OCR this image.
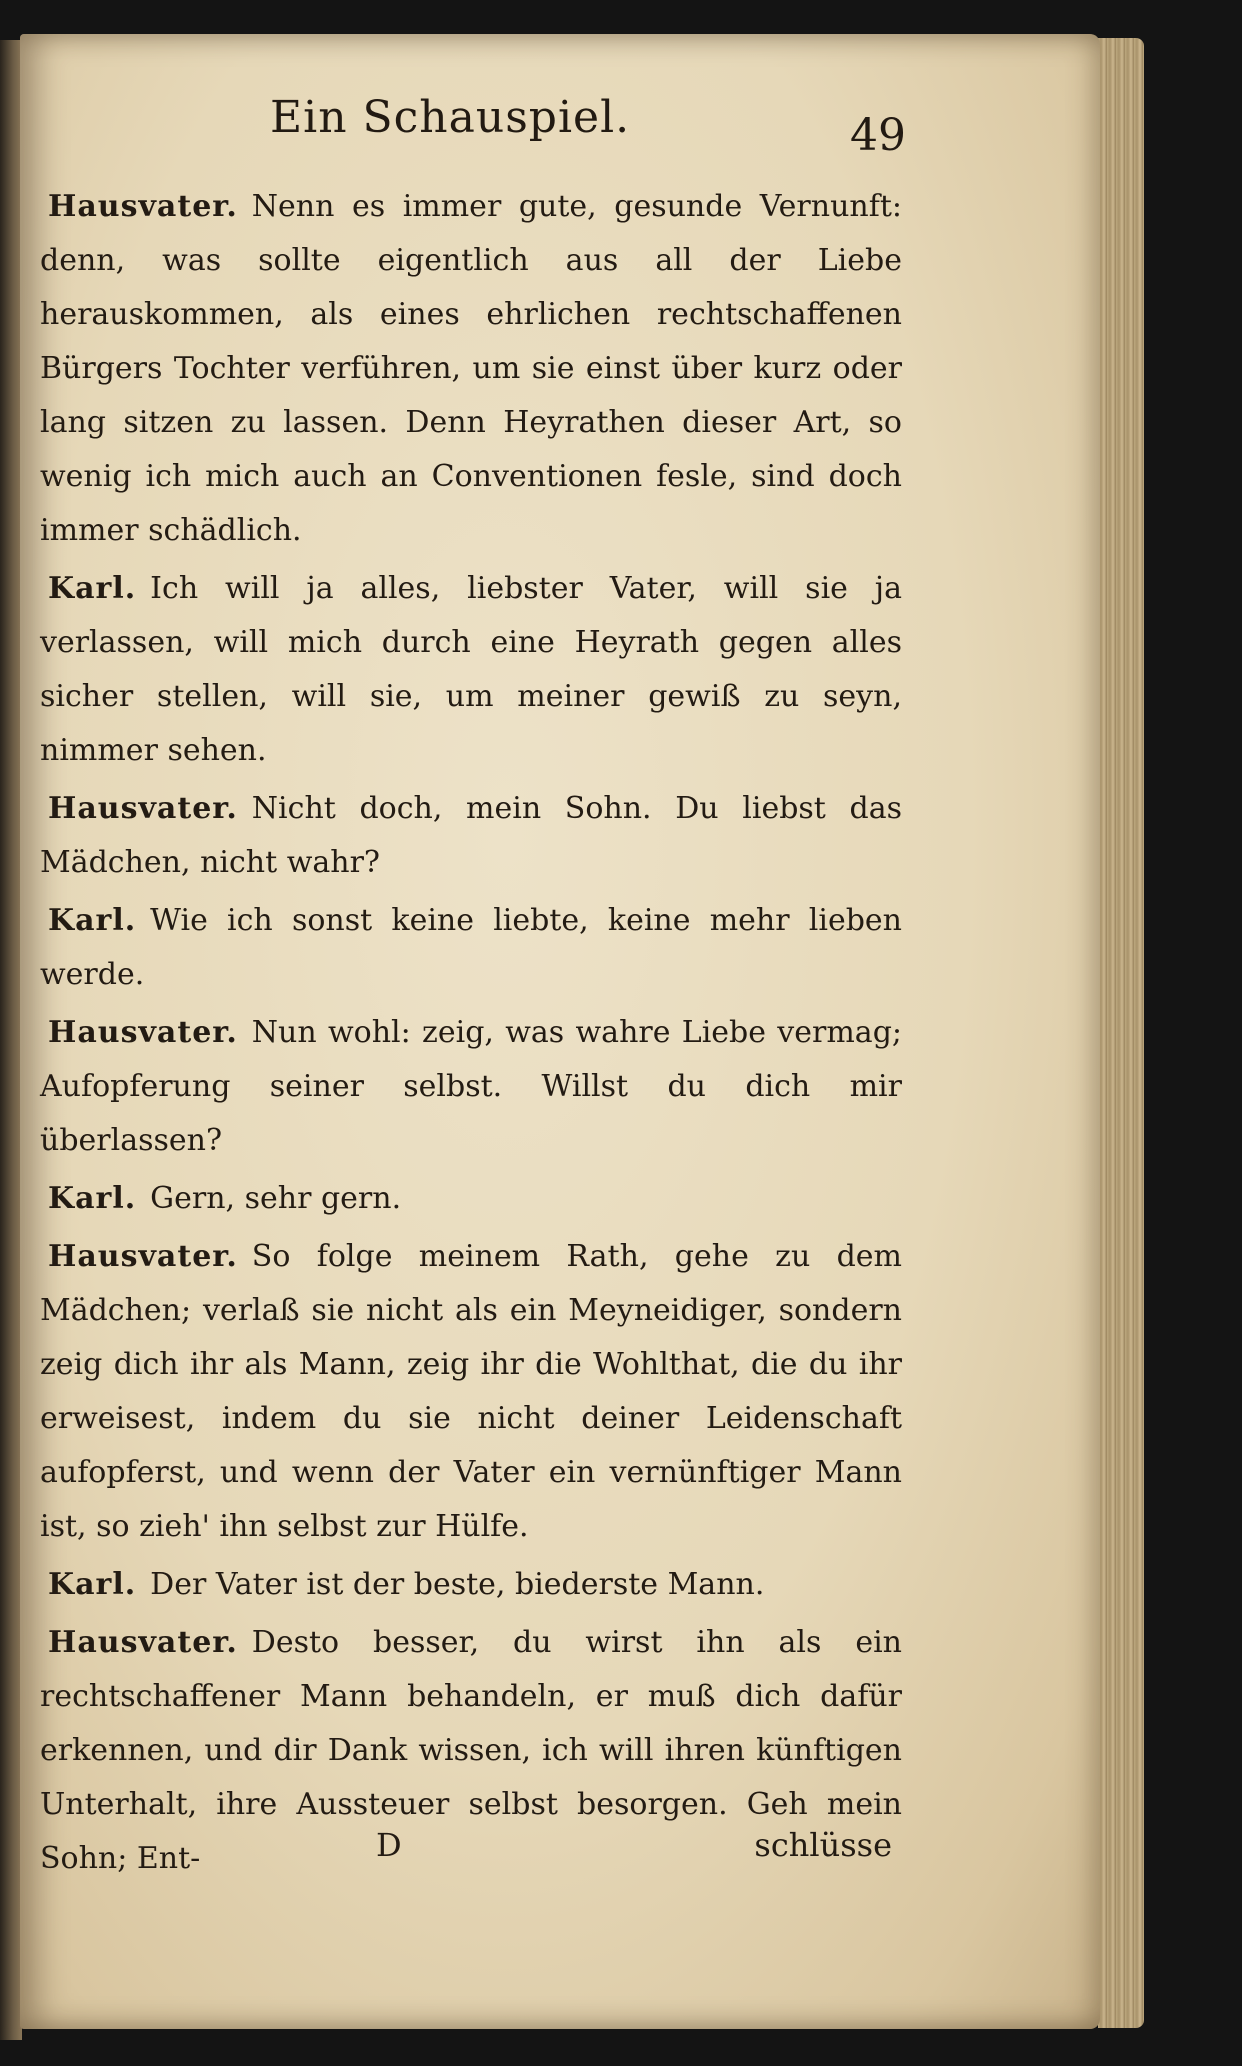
Ein Schauspiel.	49

Hausvater. Nenn es immer gute, gesunde Vernunft: denn, was sollte eigentlich aus all der Liebe herauskommen, als eines ehrlichen rechtschaffenen Bürgers Tochter verführen, um sie einst über kurz oder lang sitzen zu lassen. Denn Heyrathen dieser Art, so wenig ich mich auch an Conventionen fesle, sind doch immer schädlich.

Karl. Ich will ja alles, liebster Vater, will sie ja verlassen, will mich durch eine Heyrath gegen alles sicher stellen, will sie, um meiner gewiß zu seyn, nimmer sehen.

Hausvater. Nicht doch, mein Sohn. Du liebst das Mädchen, nicht wahr?

Karl. Wie ich sonst keine liebte, keine mehr lieben werde.

Hausvater. Nun wohl: zeig, was wahre Liebe vermag; Aufopferung seiner selbst. Willst du dich mir überlassen?

Karl. Gern, sehr gern.

Hausvater. So folge meinem Rath, gehe zu dem Mädchen; verlaß sie nicht als ein Meyneidiger, sondern zeig dich ihr als Mann, zeig ihr die Wohlthat, die du ihr erweisest, indem du sie nicht deiner Leidenschaft aufopferst, und wenn der Vater ein vernünftiger Mann ist, so zieh' ihn selbst zur Hülfe.

Karl. Der Vater ist der beste, biederste Mann.

Hausvater. Desto besser, du wirst ihn als ein rechtschaffener Mann behandeln, er muß dich dafür erkennen, und dir Dank wissen, ich will ihren künftigen Unterhalt, ihre Aussteuer selbst besorgen. Geh mein Sohn; Ent-	D	schlüsse
